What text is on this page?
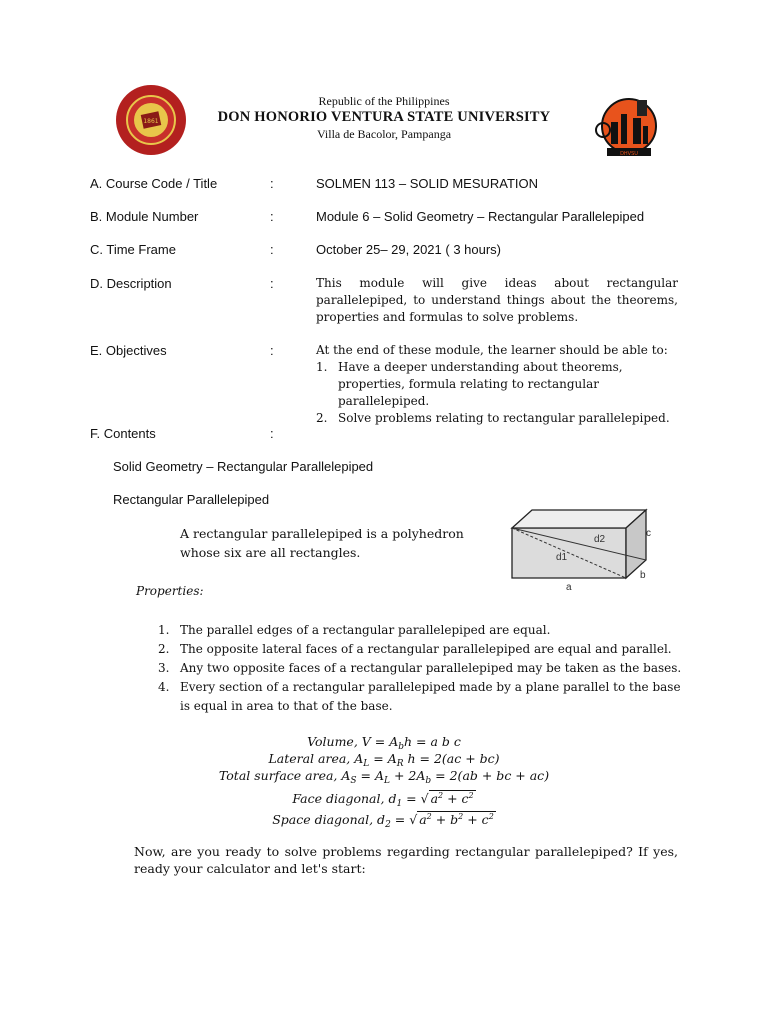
1861
Republic of the Philippines
DON HONORIO VENTURA STATE UNIVERSITY
Villa de Bacolor, Pampanga
DHVSU
A. Course Code / Title	:	SOLMEN 113 – SOLID MESURATION
B. Module Number	:	Module 6 – Solid Geometry – Rectangular Parallelepiped
C. Time Frame	:	October 25– 29, 2021 ( 3 hours)
D. Description	:	This module will give ideas about rectangular parallelepiped, to understand things about the theorems, properties and formulas to solve problems.
E. Objectives	:	At the end of these module, the learner should be able to:
1. Have a deeper understanding about theorems, properties, formula relating to rectangular parallelepiped.
2. Solve problems relating to rectangular parallelepiped.
F. Contents	:
Solid Geometry – Rectangular Parallelepiped
Rectangular Parallelepiped
A rectangular parallelepiped is a polyhedron whose six are all rectangles.
d2
d1
c
b
a
Properties:
1. The parallel edges of a rectangular parallelepiped are equal.
2. The opposite lateral faces of a rectangular parallelepiped are equal and parallel.
3. Any two opposite faces of a rectangular parallelepiped may be taken as the bases.
4. Every section of a rectangular parallelepiped made by a plane parallel to the base is equal in area to that of the base.
Volume, $V = A_bh = a$ b c
Lateral area, $A_L = A_R$ h = 2(ac + bc)
Total surface area, $A_S = A_L + 2A_b = 2(ab$ + bc + ac)
Face diagonal, $d_1$ = √ $a^2 + c^2$
Space diagonal, $d_2$ = √ $a^2 + b^2 + c^2$
Now, are you ready to solve problems regarding rectangular parallelepiped? If yes, ready your calculator and let's start:
